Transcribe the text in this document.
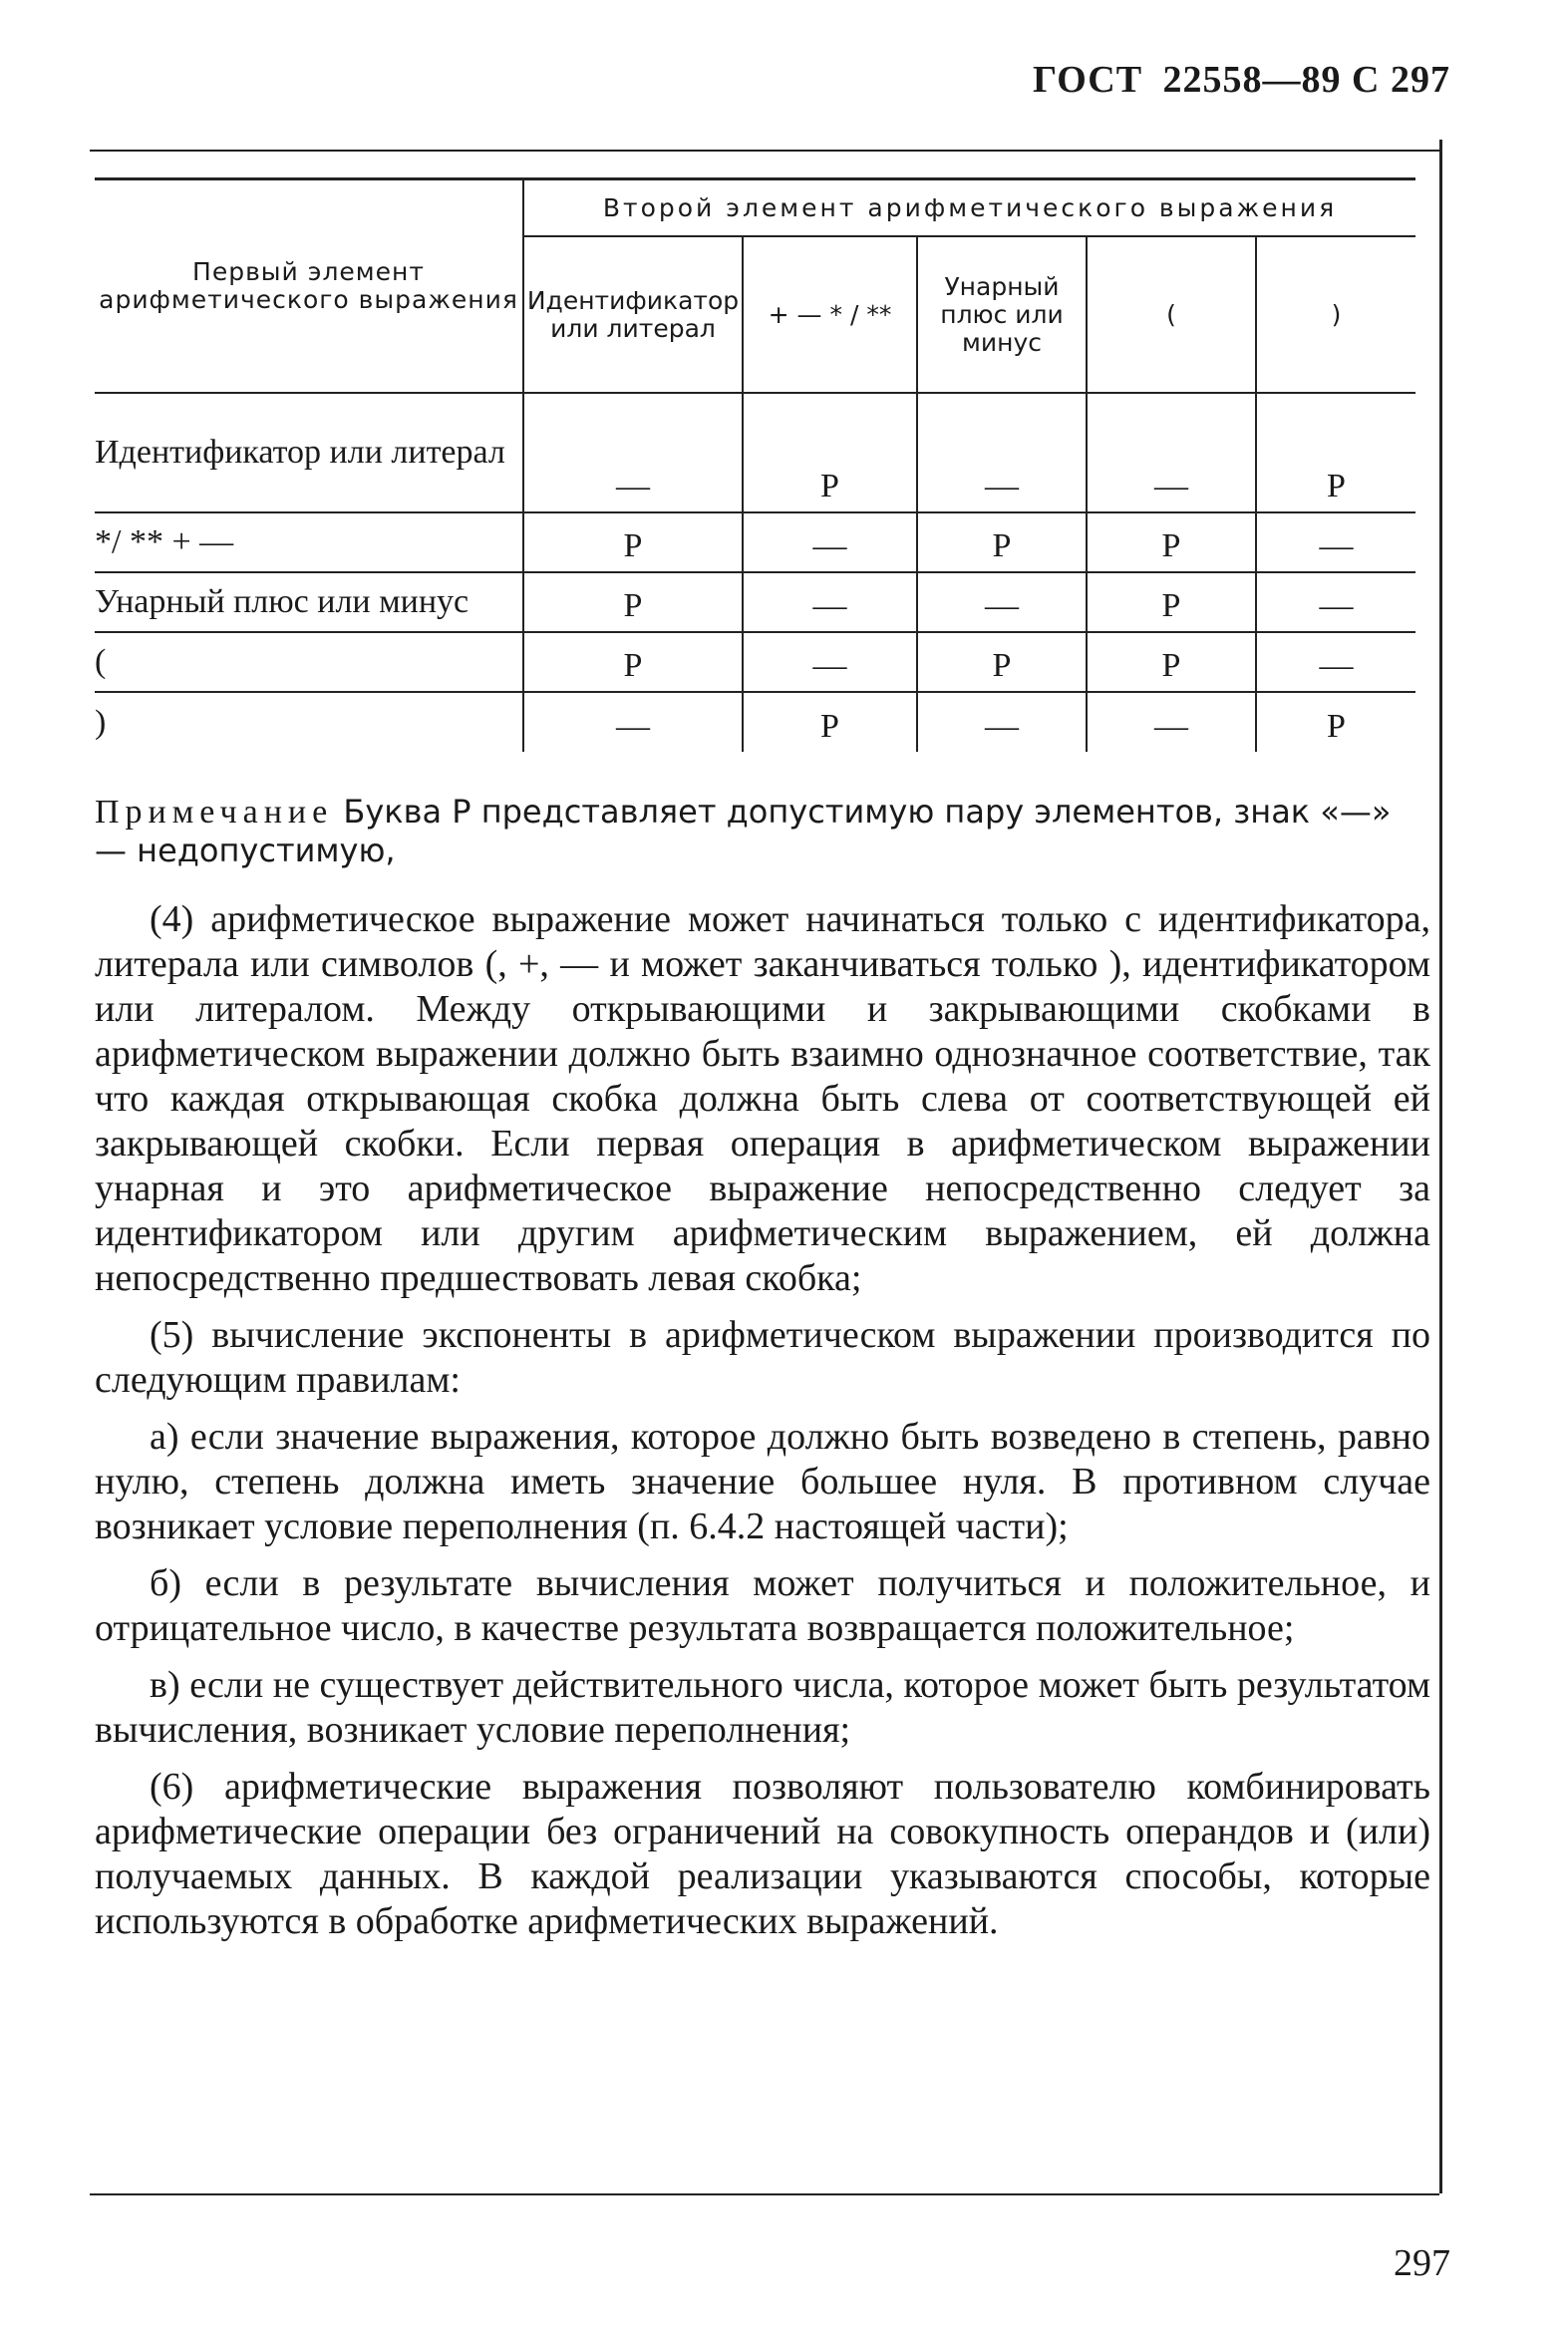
ГОСТ 22558—89 С 297
Первый элемент арифметического выражения	Второй элемент арифметического выражения				
	Идентификатор или литерал	+ — * / **	Унарный плюс или минус	(	)
Идентификатор или литерал	—	P	—	—	P
*/ ** + —	P	—	P	P	—
Унарный плюс или минус	P	—	—	P	—
(	P	—	P	P	—
)	—	P	—	—	P
Примечание Буква P представляет допустимую пару элементов, знак «—» — недопустимую,

(4) арифметическое выражение может начинаться только с идентификатора, литерала или символов (, +, — и может заканчиваться только ), идентификатором или литералом. Между открывающими и закрывающими скобками в арифметическом выражении должно быть взаимно однозначное соответствие, так что каждая открывающая скобка должна быть слева от соответствующей ей закрывающей скобки. Если первая операция в арифметическом выражении унарная и это арифметическое выражение непосредственно следует за идентификатором или другим арифметическим выражением, ей должна непосредственно предшествовать левая скобка;

(5) вычисление экспоненты в арифметическом выражении производится по следующим правилам:

а) если значение выражения, которое должно быть возведено в степень, равно нулю, степень должна иметь значение большее нуля. В противном случае возникает условие переполнения (п. 6.4.2 настоящей части);

б) если в результате вычисления может получиться и положительное, и отрицательное число, в качестве результата возвращается положительное;

в) если не существует действительного числа, которое может быть результатом вычисления, возникает условие переполнения;

(6) арифметические выражения позволяют пользователю комбинировать арифметические операции без ограничений на совокупность операндов и (или) получаемых данных. В каждой реализации указываются способы, которые используются в обработке арифметических выражений.

297
